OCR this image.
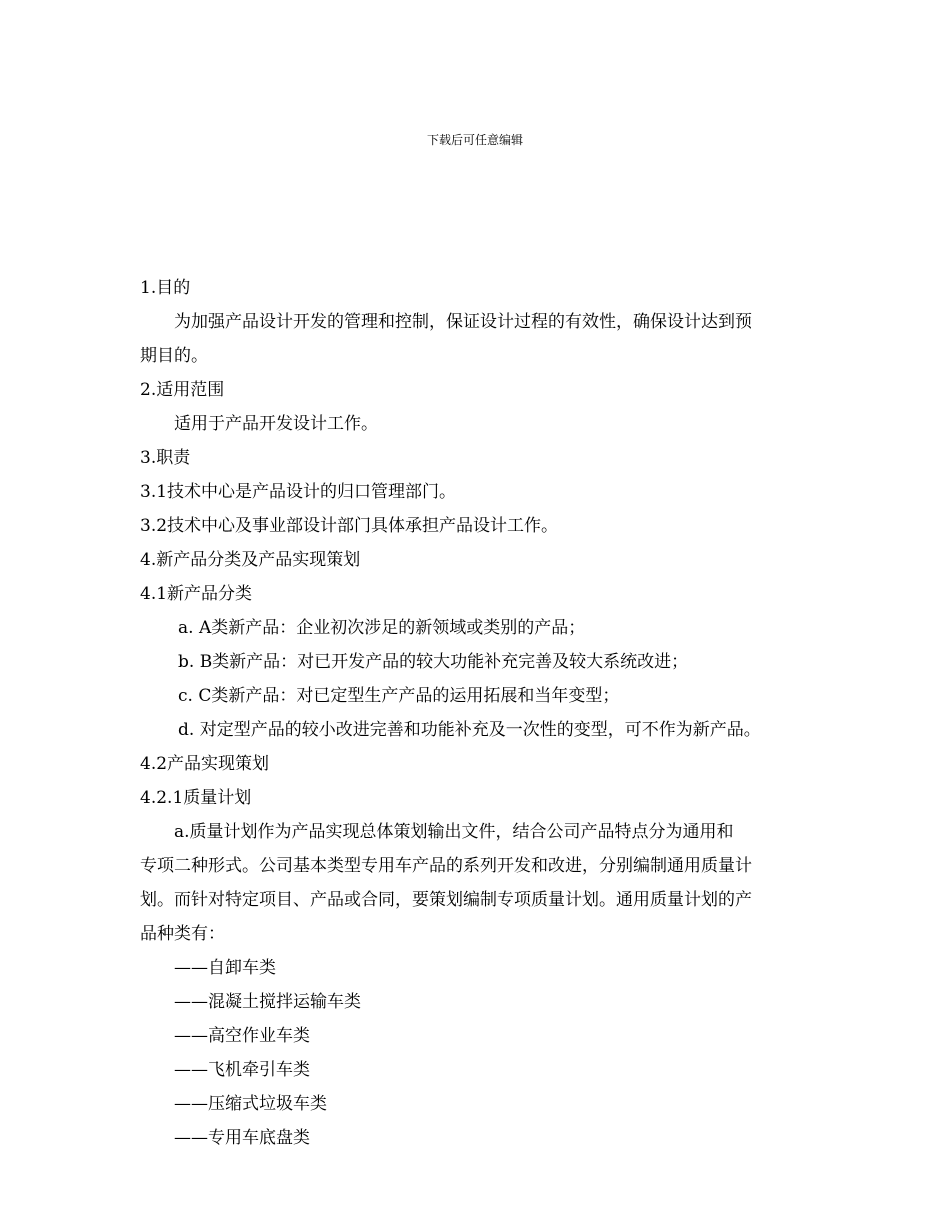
下载后可任意编辑
1.目的
为加强产品设计开发的管理和控制，保证设计过程的有效性，确保设计达到预
期目的。
2.适用范围
适用于产品开发设计工作。
3.职责
3.1技术中心是产品设计的归口管理部门。
3.2技术中心及事业部设计部门具体承担产品设计工作。
4.新产品分类及产品实现策划
4.1新产品分类
a. A类新产品：企业初次涉足的新领域或类别的产品；
b. B类新产品：对已开发产品的较大功能补充完善及较大系统改进；
c. C类新产品：对已定型生产产品的运用拓展和当年变型；
d. 对定型产品的较小改进完善和功能补充及一次性的变型，可不作为新产品。
4.2产品实现策划
4.2.1质量计划
a.质量计划作为产品实现总体策划输出文件，结合公司产品特点分为通用和
专项二种形式。公司基本类型专用车产品的系列开发和改进，分别编制通用质量计
划。而针对特定项目、产品或合同，要策划编制专项质量计划。通用质量计划的产
品种类有：
——自卸车类
——混凝土搅拌运输车类
——高空作业车类
——飞机牵引车类
——压缩式垃圾车类
——专用车底盘类
